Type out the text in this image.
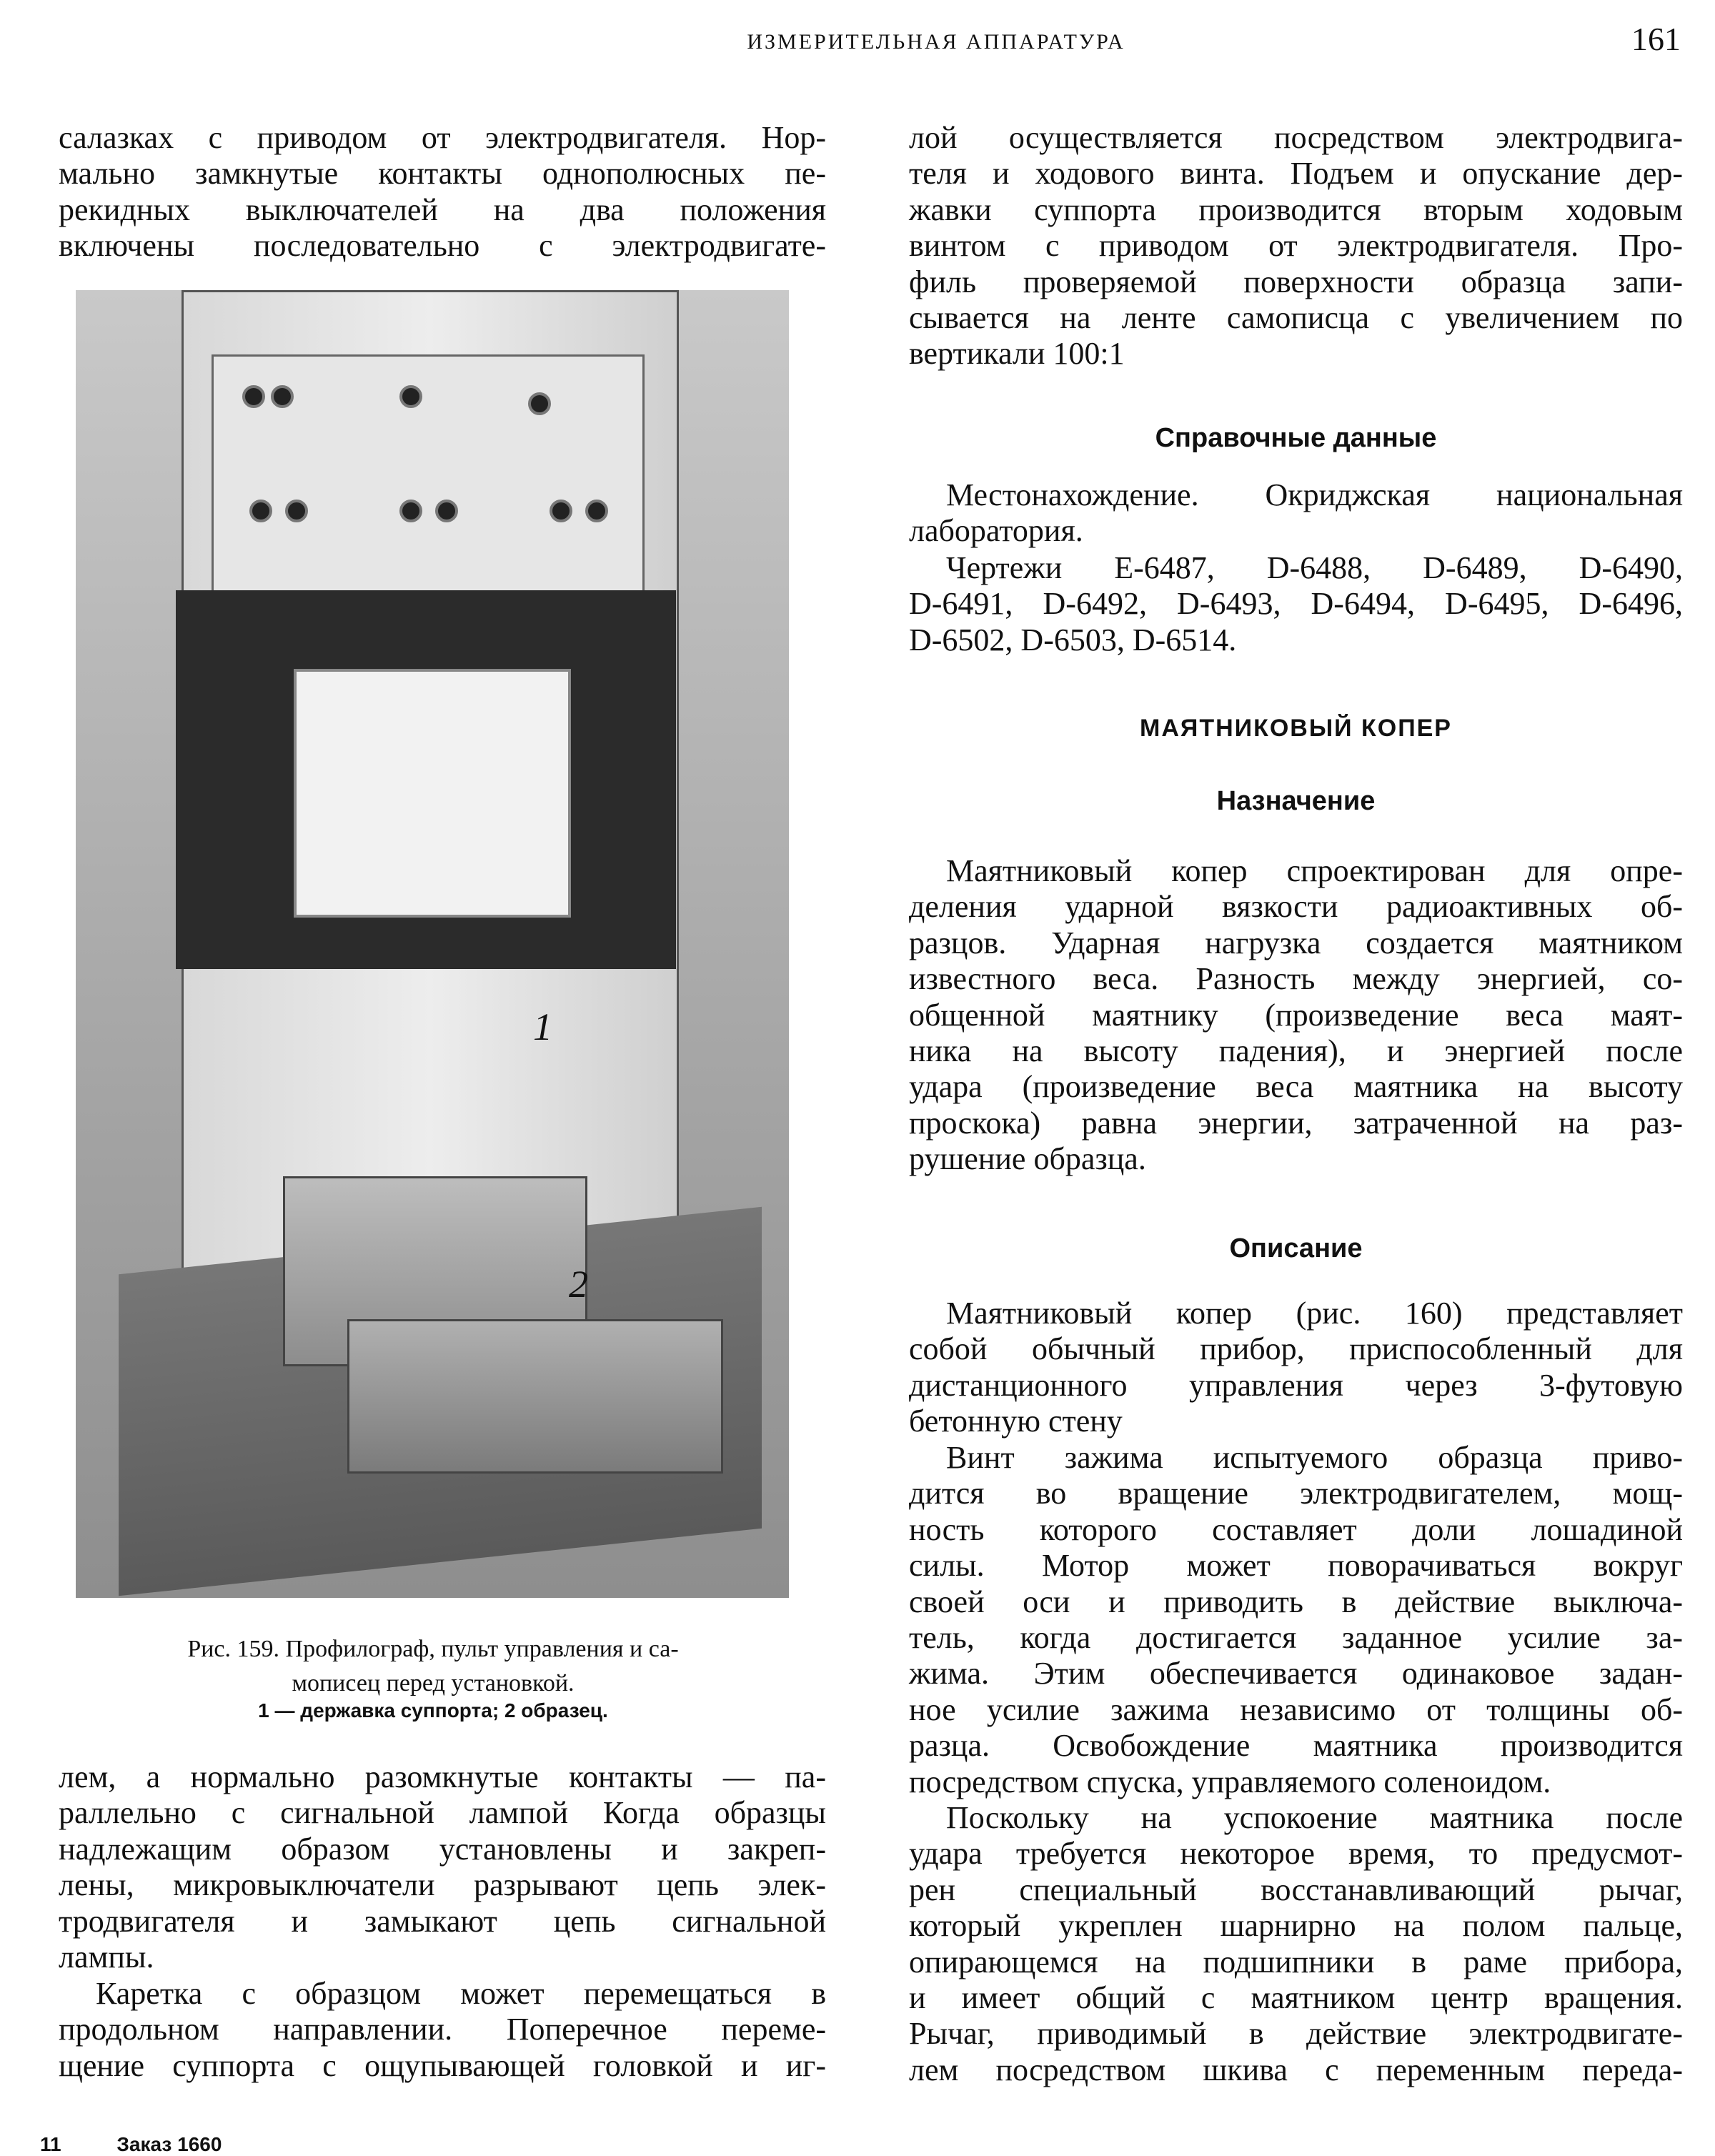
ИЗМЕРИТЕЛЬНАЯ АППАРАТУРА	161
салазках с приводом от электродвигателя. Нор-
мально замкнутые контакты однополюсных пе-
рекидных выключателей на два положения
включены последовательно с электродвигате-
1
2
Рис. 159. Профилограф, пульт управления и са-
мописец перед установкой.
1 — державка суппорта; 2 образец.
лем, а нормально разомкнутые контакты — па-
раллельно с сигнальной лампой Когда образцы
надлежащим образом установлены и закреп-
лены, микровыключатели разрывают цепь элек-
тродвигателя и замыкают цепь сигнальной
лампы.
Каретка с образцом может перемещаться в
продольном направлении. Поперечное переме-
щение суппорта с ощупывающей головкой и иг-
лой осуществляется посредством электродвига-
теля и ходового винта. Подъем и опускание дер-
жавки суппорта производится вторым ходовым
винтом с приводом от электродвигателя. Про-
филь проверяемой поверхности образца запи-
сывается на ленте самописца с увеличением по
вертикали 100:1
Справочные данные
Местонахождение. Окриджская национальная
лаборатория.
Чертежи E-6487, D-6488, D-6489, D-6490,
D-6491, D-6492, D-6493, D-6494, D-6495, D-6496,
D-6502, D-6503, D-6514.
МАЯТНИКОВЫЙ КОПЕР
Назначение
Маятниковый копер спроектирован для опре-
деления ударной вязкости радиоактивных об-
разцов. Ударная нагрузка создается маятником
известного веса. Разность между энергией, со-
общенной маятнику (произведение веса маят-
ника на высоту падения), и энергией после
удара (произведение веса маятника на высоту
проскока) равна энергии, затраченной на раз-
рушение образца.
Описание
Маятниковый копер (рис. 160) представляет
собой обычный прибор, приспособленный для
дистанционного управления через 3-футовую
бетонную стену
Винт зажима испытуемого образца приво-
дится во вращение электродвигателем, мощ-
ность которого составляет доли лошадиной
силы. Мотор может поворачиваться вокруг
своей оси и приводить в действие выключа-
тель, когда достигается заданное усилие за-
жима. Этим обеспечивается одинаковое задан-
ное усилие зажима независимо от толщины об-
разца. Освобождение маятника производится
посредством спуска, управляемого соленоидом.
Поскольку на успокоение маятника после
удара требуется некоторое время, то предусмот-
рен специальный восстанавливающий рычаг,
который укреплен шарнирно на полом пальце,
опирающемся на подшипники в раме прибора,
и имеет общий с маятником центр вращения.
Рычаг, приводимый в действие электродвигате-
лем посредством шкива с переменным переда-
11	Заказ 1660
